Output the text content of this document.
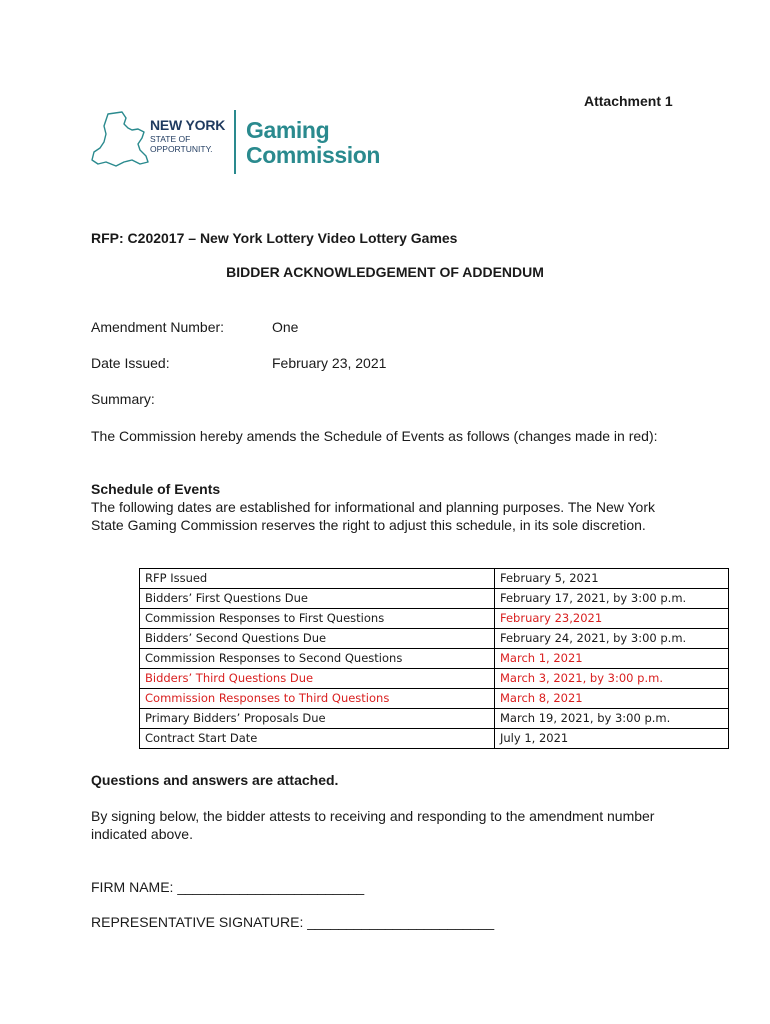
Attachment 1
NEW YORK
STATE OF
OPPORTUNITY.
Gaming
Commission
RFP: C202017 – New York Lottery Video Lottery Games
BIDDER ACKNOWLEDGEMENT OF ADDENDUM
Amendment Number:	One
Date Issued:	February 23, 2021
Summary:
The Commission hereby amends the Schedule of Events as follows (changes made in red):
Schedule of Events
The following dates are established for informational and planning purposes. The New York State Gaming Commission reserves the right to adjust this schedule, in its sole discretion.
RFP Issued	February 5, 2021
Bidders’ First Questions Due	February 17, 2021, by 3:00 p.m.
Commission Responses to First Questions	February 23,2021
Bidders’ Second Questions Due	February 24, 2021, by 3:00 p.m.
Commission Responses to Second Questions	March 1, 2021
Bidders’ Third Questions Due	March 3, 2021, by 3:00 p.m.
Commission Responses to Third Questions	March 8, 2021
Primary Bidders’ Proposals Due	March 19, 2021, by 3:00 p.m.
Contract Start Date	July 1, 2021
Questions and answers are attached.
By signing below, the bidder attests to receiving and responding to the amendment number indicated above.
FIRM NAME: ________________________
REPRESENTATIVE SIGNATURE: ________________________
